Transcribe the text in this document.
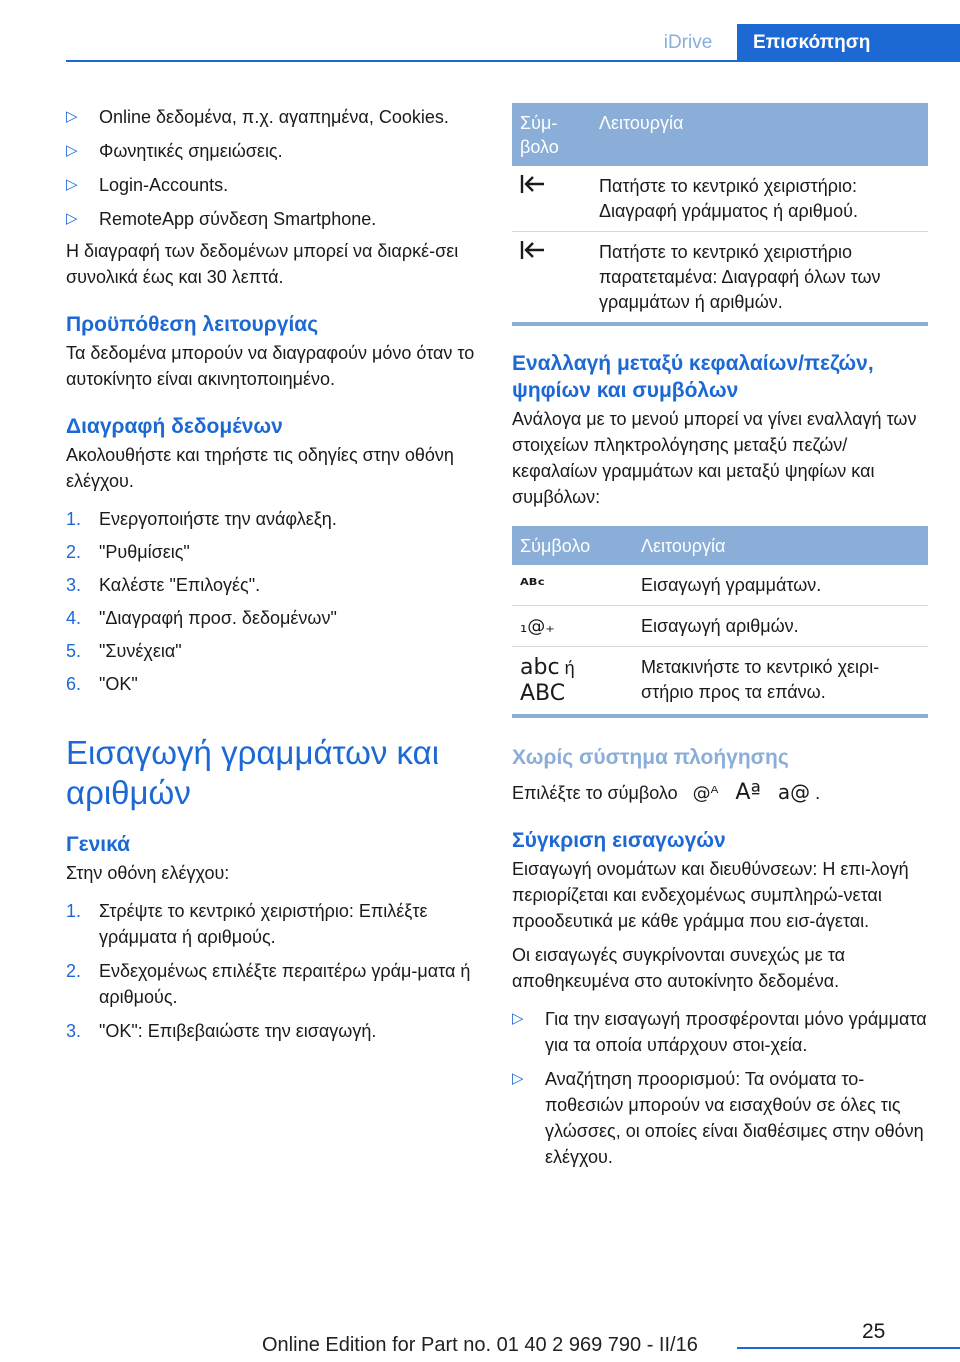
iDrive	Επισκόπηση
▷ Online δεδομένα, π.χ. αγαπημένα, Cookies.
▷ Φωνητικές σημειώσεις.
▷ Login-Accounts.
▷ RemoteApp σύνδεση Smartphone.

Η διαγραφή των δεδομένων μπορεί να διαρκέ-σει συνολικά έως και 30 λεπτά.

Προϋπόθεση λειτουργίας

Τα δεδομένα μπορούν να διαγραφούν μόνο όταν το αυτοκίνητο είναι ακινητοποιημένο.

Διαγραφή δεδομένων

Ακολουθήστε και τηρήστε τις οδηγίες στην οθόνη ελέγχου.

1. Ενεργοποιήστε την ανάφλεξη.
2. "Ρυθμίσεις"
3. Καλέστε "Επιλογές".
4. "Διαγραφή προσ. δεδομένων"
5. "Συνέχεια"
6. "OK"
Εισαγωγή γραμμάτων και αριθμών
Γενικά

Στην οθόνη ελέγχου:

1. Στρέψτε το κεντρικό χειριστήριο: Επιλέξτε γράμματα ή αριθμούς.
2. Ενδεχομένως επιλέξτε περαιτέρω γράμ-ματα ή αριθμούς.
3. "OK": Επιβεβαιώστε την εισαγωγή.
Σύμ-βολο	Λειτουργία
	Πατήστε το κεντρικό χειριστήριο: Διαγραφή γράμματος ή αριθμού.
	Πατήστε το κεντρικό χειριστήριο παρατεταμένα: Διαγραφή όλων των γραμμάτων ή αριθμών.
Εναλλαγή μεταξύ κεφαλαίων/πεζών, ψηφίων και συμβόλων

Ανάλογα με το μενού μπορεί να γίνει εναλλαγή των στοιχείων πληκτρολόγησης μεταξύ πεζών/κεφαλαίων γραμμάτων και μεταξύ ψηφίων και συμβόλων:

Σύμβολο	Λειτουργία
ᴬᴮᶜ	Εισαγωγή γραμμάτων.
₁@₊	Εισαγωγή αριθμών.
abc ή
ABC	Μετακινήστε το κεντρικό χειρι-στήριο προς τα επάνω.
Χωρίς σύστημα πλοήγησης

Επιλέξτε το σύμβολο @ᴬ Aª a@ .

Σύγκριση εισαγωγών

Εισαγωγή ονομάτων και διευθύνσεων: Η επι-λογή περιορίζεται και ενδεχομένως συμπληρώ-νεται προοδευτικά με κάθε γράμμα που εισ-άγεται.

Οι εισαγωγές συγκρίνονται συνεχώς με τα αποθηκευμένα στο αυτοκίνητο δεδομένα.

▷ Για την εισαγωγή προσφέρονται μόνο γράμματα για τα οποία υπάρχουν στοι-χεία.
▷ Αναζήτηση προορισμού: Τα ονόματα το-ποθεσιών μπορούν να εισαχθούν σε όλες τις γλώσσες, οι οποίες είναι διαθέσιμες στην οθόνη ελέγχου.
25
Online Edition for Part no. 01 40 2 969 790 - II/16
